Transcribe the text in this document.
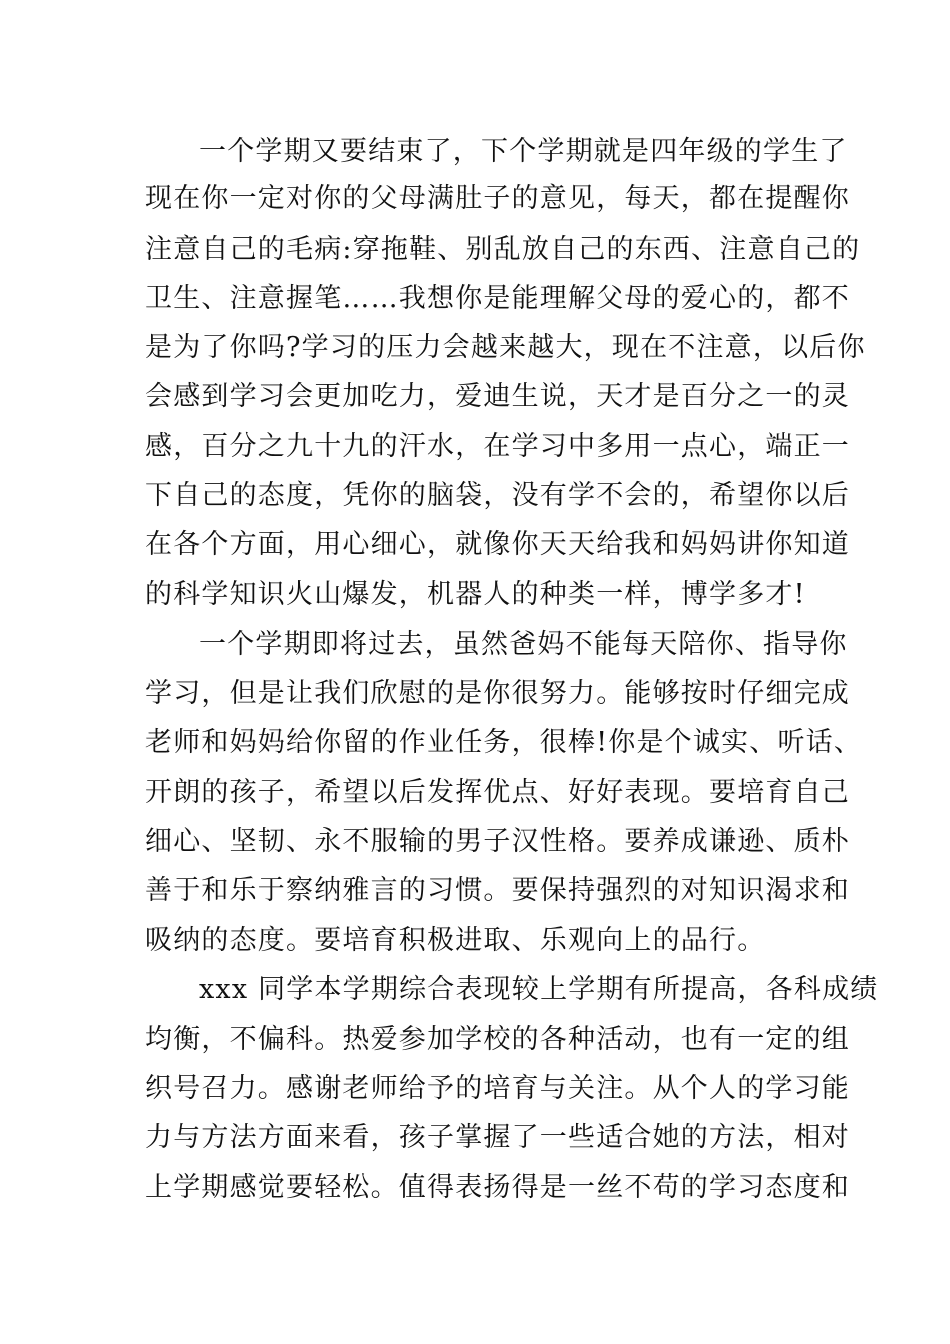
一个学期又要结束了，下个学期就是四年级的学生了
现在你一定对你的父母满肚子的意见，每天，都在提醒你
注意自己的毛病:穿拖鞋、别乱放自己的东西、注意自己的
卫生、注意握笔……我想你是能理解父母的爱心的，都不
是为了你吗?学习的压力会越来越大，现在不注意，以后你
会感到学习会更加吃力，爱迪生说，天才是百分之一的灵
感，百分之九十九的汗水，在学习中多用一点心，端正一
下自己的态度，凭你的脑袋，没有学不会的，希望你以后
在各个方面，用心细心，就像你天天给我和妈妈讲你知道
的科学知识火山爆发，机器人的种类一样，博学多才!
一个学期即将过去，虽然爸妈不能每天陪你、指导你
学习，但是让我们欣慰的是你很努力。能够按时仔细完成
老师和妈妈给你留的作业任务，很棒!你是个诚实、听话、
开朗的孩子，希望以后发挥优点、好好表现。要培育自己
细心、坚韧、永不服输的男子汉性格。要养成谦逊、质朴
善于和乐于察纳雅言的习惯。要保持强烈的对知识渴求和
吸纳的态度。要培育积极进取、乐观向上的品行。
xxx 同学本学期综合表现较上学期有所提高，各科成绩
均衡，不偏科。热爱参加学校的各种活动，也有一定的组
织号召力。感谢老师给予的培育与关注。从个人的学习能
力与方法方面来看，孩子掌握了一些适合她的方法，相对
上学期感觉要轻松。值得表扬得是一丝不苟的学习态度和
